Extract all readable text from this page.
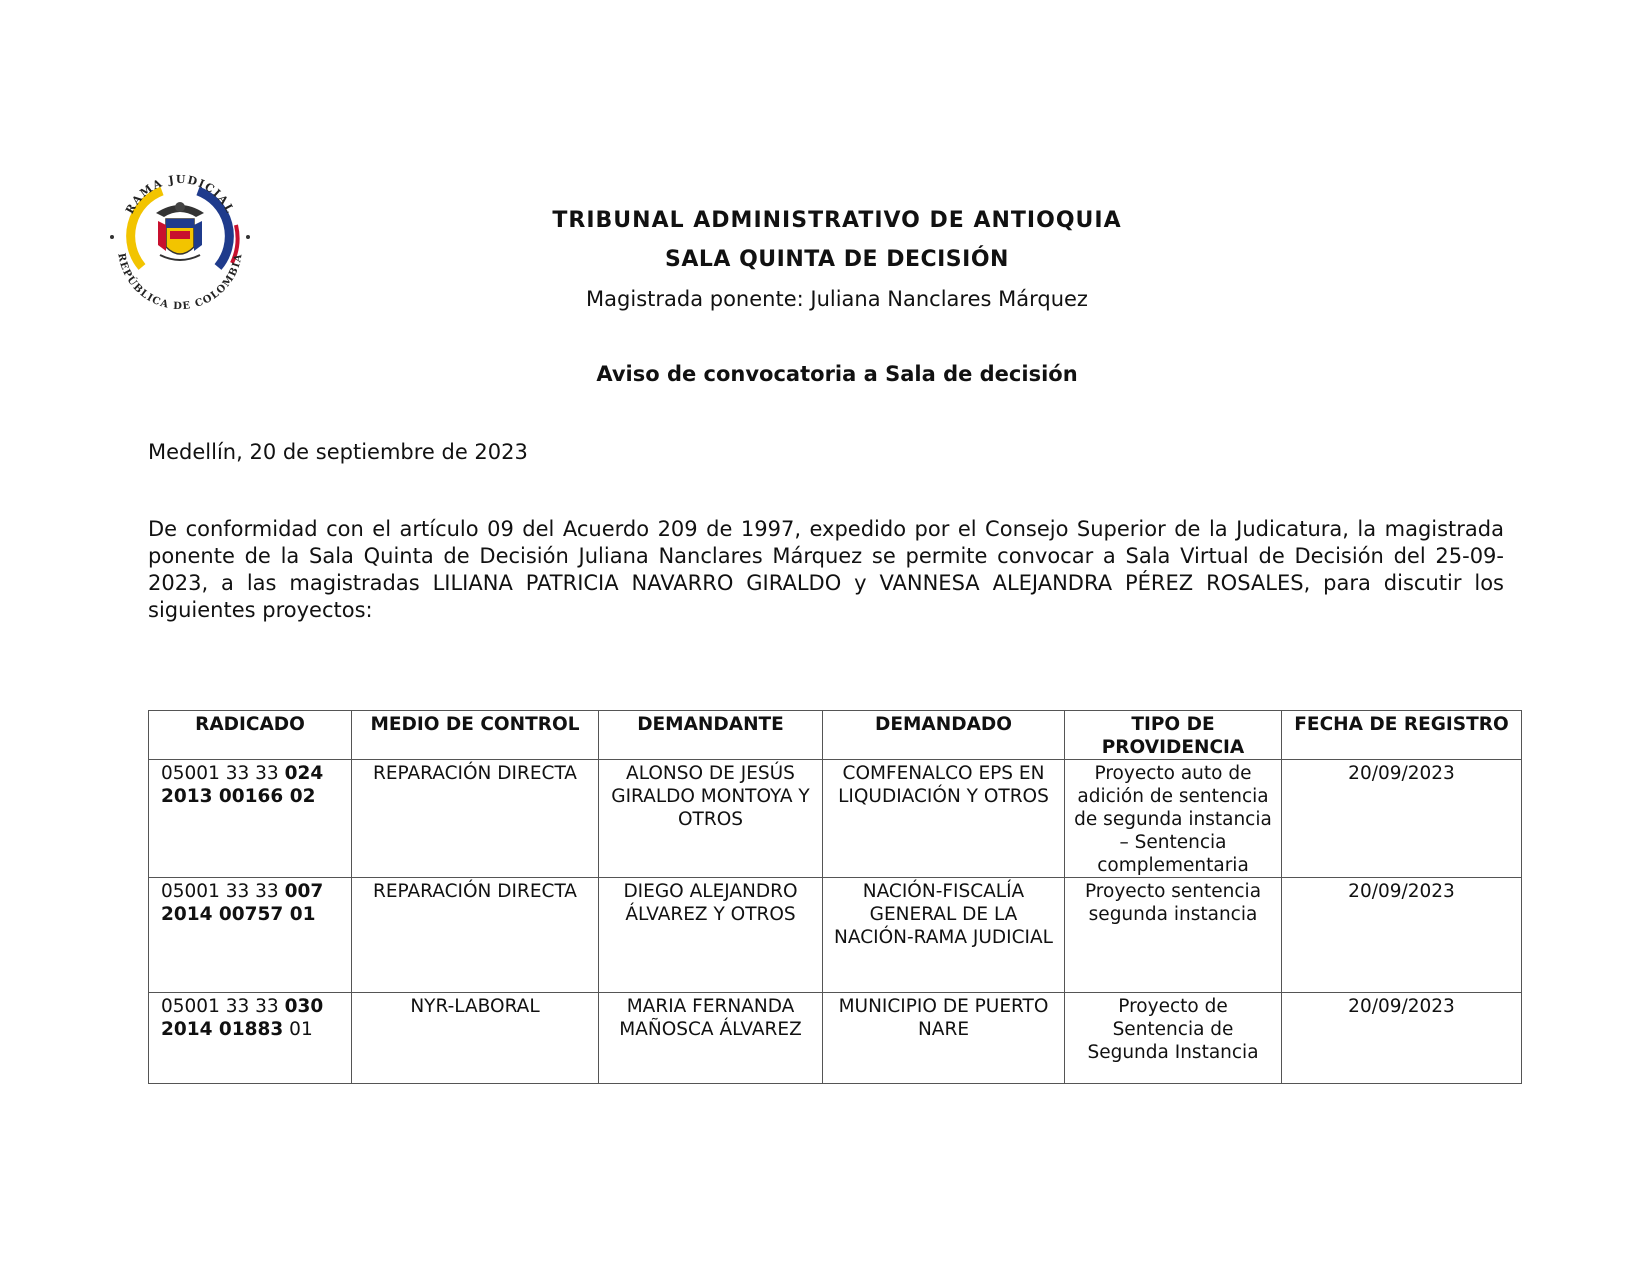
RAMA JUDICIAL
REPÚBLICA DE COLOMBIA
TRIBUNAL ADMINISTRATIVO DE ANTIOQUIA
SALA QUINTA DE DECISIÓN
Magistrada ponente: Juliana Nanclares Márquez
Aviso de convocatoria a Sala de decisión
Medellín, 20 de septiembre de 2023
De conformidad con el artículo 09 del Acuerdo 209 de 1997, expedido por el Consejo Superior de la Judicatura, la magistrada ponente de la Sala Quinta de Decisión Juliana Nanclares Márquez se permite convocar a Sala Virtual de Decisión del 25-09-2023, a las magistradas LILIANA PATRICIA NAVARRO GIRALDO y VANNESA ALEJANDRA PÉREZ ROSALES, para discutir los siguientes proyectos:
RADICADO	MEDIO DE CONTROL	DEMANDANTE	DEMANDADO	TIPO DE PROVIDENCIA	FECHA DE REGISTRO
05001 33 33 024 2013 00166 02	REPARACIÓN DIRECTA	ALONSO DE JESÚS GIRALDO MONTOYA Y OTROS	COMFENALCO EPS EN LIQUDIACIÓN Y OTROS	Proyecto auto de adición de sentencia de segunda instancia – Sentencia complementaria	20/09/2023
05001 33 33 007 2014 00757 01	REPARACIÓN DIRECTA	DIEGO ALEJANDRO ÁLVAREZ Y OTROS	NACIÓN-FISCALÍA GENERAL DE LA NACIÓN-RAMA JUDICIAL	Proyecto sentencia segunda instancia	20/09/2023
05001 33 33 030 2014 01883 01	NYR-LABORAL	MARIA FERNANDA MAÑOSCA ÁLVAREZ	MUNICIPIO DE PUERTO NARE	Proyecto de Sentencia de Segunda Instancia	20/09/2023
